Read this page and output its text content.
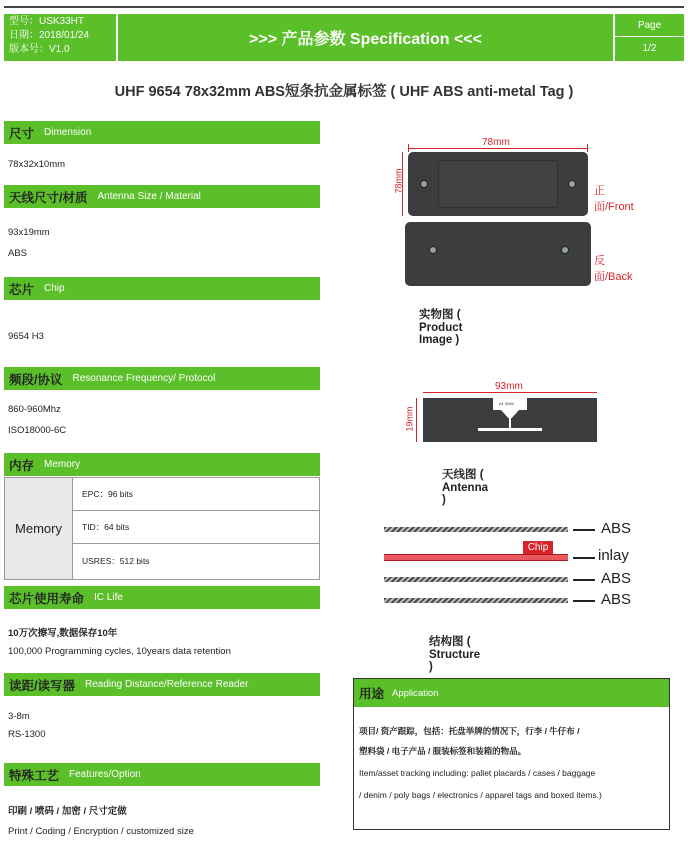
型号：USK33HT
日期：2018/01/24
版本号：V1.0
>>> 产品参数 Specification <<<
Page
1/2
UHF 9654 78x32mm ABS短条抗金属标签 ( UHF ABS anti-metal Tag )
尺寸 Dimension
78x32x10mm
天线尺寸/材质 Antenna Size / Material
93x19mm
ABS
芯片 Chip
9654 H3
频段/协议 Resonance Frequency/ Protocol
860-960Mhz
ISO18000-6C
内存 Memory
Memory
EPC：96 bits
TID：64 bits
USRES：512 bits
芯片使用寿命 IC Life
10万次擦写,数据保存10年
100,000 Programming cycles, 10years data retention
读距/读写器 Reading Distance/Reference Reader
3-8m
RS-1300
特殊工艺 Features/Option
印刷 / 喷码 / 加密 / 尺寸定做
Print / Coding / Encryption / customized size
78mm
78mm	正面/Front
反面/Back
实物图 ( Product Image )
93mm
19mm
A1 9654
天线图 ( Antenna )
ABS
Chip	inlay
ABS
ABS
结构图 ( Structure )
用途 Application
项目/ 资产跟踪，包括：托盘举牌的情况下，行李 / 牛仔布 /
塑料袋 / 电子产品 / 服装标签和装箱的物品。
Item/asset tracking including: pallet placards / cases / baggage
/ denim / poly bags / electronics / apparel tags and boxed items.)
